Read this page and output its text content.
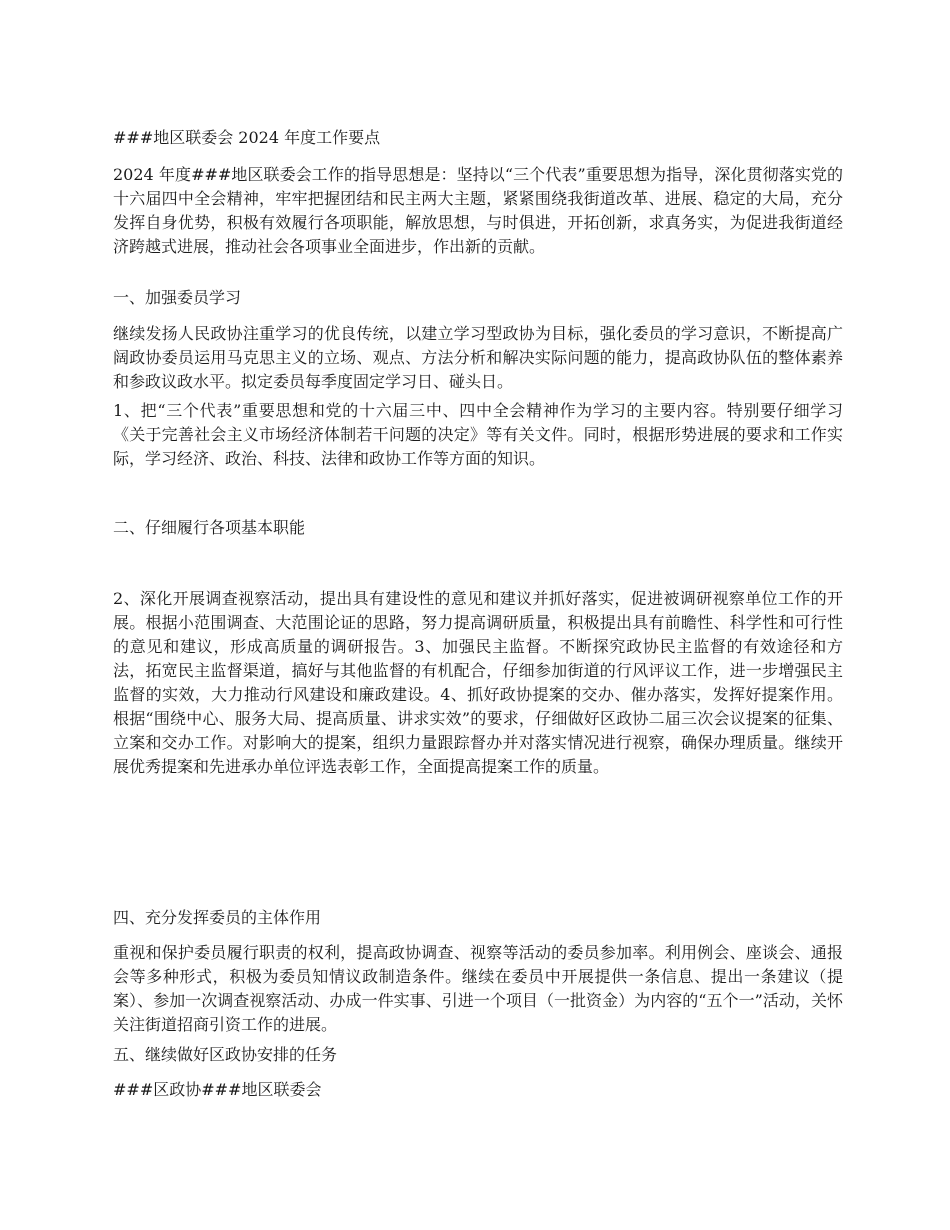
###地区联委会 2024 年度工作要点

2024 年度###地区联委会工作的指导思想是：坚持以“三个代表”重要思想为指导，深化贯彻落实党的十六届四中全会精神，牢牢把握团结和民主两大主题，紧紧围绕我街道改革、进展、稳定的大局，充分发挥自身优势，积极有效履行各项职能，解放思想，与时俱进，开拓创新，求真务实，为促进我街道经济跨越式进展，推动社会各项事业全面进步，作出新的贡献。

一、加强委员学习

继续发扬人民政协注重学习的优良传统，以建立学习型政协为目标，强化委员的学习意识，不断提高广阔政协委员运用马克思主义的立场、观点、方法分析和解决实际问题的能力，提高政协队伍的整体素养和参政议政水平。拟定委员每季度固定学习日、碰头日。

1、把“三个代表”重要思想和党的十六届三中、四中全会精神作为学习的主要内容。特别要仔细学习《关于完善社会主义市场经济体制若干问题的决定》等有关文件。同时，根据形势进展的要求和工作实际，学习经济、政治、科技、法律和政协工作等方面的知识。

二、仔细履行各项基本职能

2、深化开展调查视察活动，提出具有建设性的意见和建议并抓好落实，促进被调研视察单位工作的开展。根据小范围调查、大范围论证的思路，努力提高调研质量，积极提出具有前瞻性、科学性和可行性的意见和建议，形成高质量的调研报告。3、加强民主监督。不断探究政协民主监督的有效途径和方法，拓宽民主监督渠道，搞好与其他监督的有机配合，仔细参加街道的行风评议工作，进一步增强民主监督的实效，大力推动行风建设和廉政建设。4、抓好政协提案的交办、催办落实，发挥好提案作用。根据“围绕中心、服务大局、提高质量、讲求实效”的要求，仔细做好区政协二届三次会议提案的征集、立案和交办工作。对影响大的提案，组织力量跟踪督办并对落实情况进行视察，确保办理质量。继续开展优秀提案和先进承办单位评选表彰工作，全面提高提案工作的质量。

四、充分发挥委员的主体作用

重视和保护委员履行职责的权利，提高政协调查、视察等活动的委员参加率。利用例会、座谈会、通报会等多种形式，积极为委员知情议政制造条件。继续在委员中开展提供一条信息、提出一条建议（提案）、参加一次调查视察活动、办成一件实事、引进一个项目（一批资金）为内容的“五个一”活动，关怀关注街道招商引资工作的进展。

五、继续做好区政协安排的任务

###区政协###地区联委会
